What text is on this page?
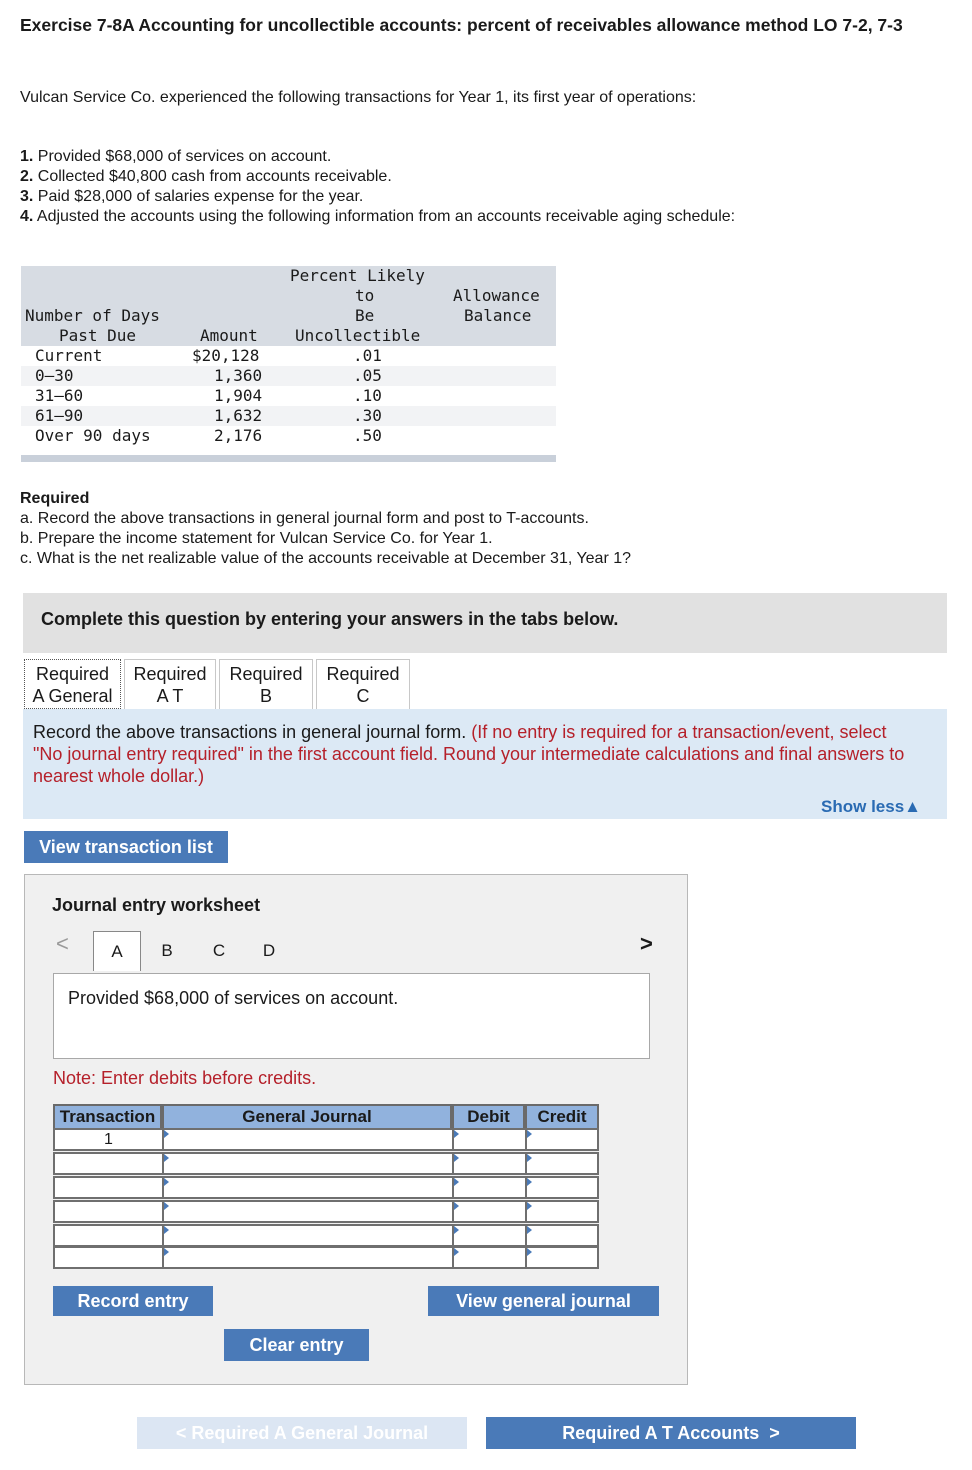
Exercise 7-8A Accounting for uncollectible accounts: percent of receivables allowance method LO 7-2, 7-3
Vulcan Service Co. experienced the following transactions for Year 1, its first year of operations:
1. Provided $68,000 of services on account.
2. Collected $40,800 cash from accounts receivable.
3. Paid $28,000 of salaries expense for the year.
4. Adjusted the accounts using the following information from an accounts receivable aging schedule:
Number of Days
Past Due	Amount
Percent Likely
to
Be
Uncollectible
Allowance
Balance
Current	$20,128	.01
0–30	1,360	.05
31–60	1,904	.10
61–90	1,632	.30
Over 90 days	2,176	.50
Required
a. Record the above transactions in general journal form and post to T-accounts.
b. Prepare the income statement for Vulcan Service Co. for Year 1.
c. What is the net realizable value of the accounts receivable at December 31, Year 1?
Complete this question by entering your answers in the tabs below.
Required
A General
Required
A T
Required
B
Required
C
Record the above transactions in general journal form. (If no entry is required for a transaction/event, select "No journal entry required" in the first account field. Round your intermediate calculations and final answers to nearest whole dollar.)
Show less▲
View transaction list
Journal entry worksheet
<	A	B	C	D	>
Provided $68,000 of services on account.
Note: Enter debits before credits.
Transaction	General Journal	Debit	Credit
1
Record entry	View general journal
Clear entry
< Required A General Journal	Required A T Accounts  >
